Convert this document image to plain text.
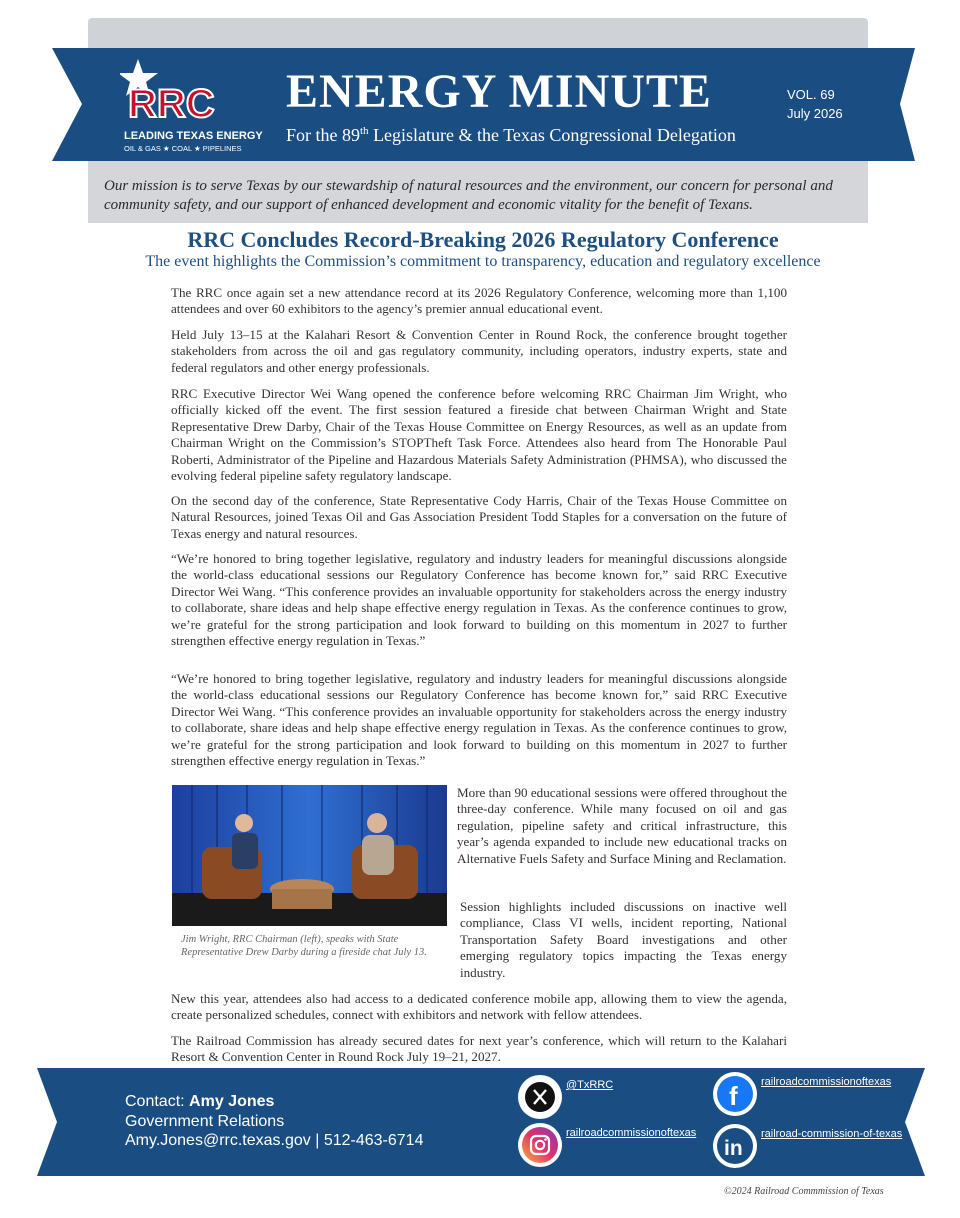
RRC
LEADING TEXAS ENERGY
OIL & GAS ★ COAL ★ PIPELINES
ENERGY MINUTE
For the 89th Legislature & the Texas Congressional Delegation
VOL. 69
July 2026

Our mission is to serve Texas by our stewardship of natural resources and the environment, our concern for personal and community safety, and our support of enhanced development and economic vitality for the benefit of Texans.

RRC Concludes Record-Breaking 2026 Regulatory Conference
The event highlights the Commission’s commitment to transparency, education and regulatory excellence

The RRC once again set a new attendance record at its 2026 Regulatory Conference, welcoming more than 1,100 attendees and over 60 exhibitors to the agency’s premier annual educational event.

Held July 13–15 at the Kalahari Resort & Convention Center in Round Rock, the conference brought together stakeholders from across the oil and gas regulatory community, including operators, industry experts, state and federal regulators and other energy professionals.

RRC Executive Director Wei Wang opened the conference before welcoming RRC Chairman Jim Wright, who officially kicked off the event. The first session featured a fireside chat between Chairman Wright and State Representative Drew Darby, Chair of the Texas House Committee on Energy Resources, as well as an update from Chairman Wright on the Commission’s STOPTheft Task Force. Attendees also heard from The Honorable Paul Roberti, Administrator of the Pipeline and Hazardous Materials Safety Administration (PHMSA), who discussed the evolving federal pipeline safety regulatory landscape.

On the second day of the conference, State Representative Cody Harris, Chair of the Texas House Committee on Natural Resources, joined Texas Oil and Gas Association President Todd Staples for a conversation on the future of Texas energy and natural resources.

“We’re honored to bring together legislative, regulatory and industry leaders for meaningful discussions alongside the world-class educational sessions our Regulatory Conference has become known for,” said RRC Executive Director Wei Wang. “This conference provides an invaluable opportunity for stakeholders across the energy industry to collaborate, share ideas and help shape effective energy regulation in Texas. As the conference continues to grow, we’re grateful for the strong participation and look forward to building on this momentum in 2027 to further strengthen effective energy regulation in Texas.”

“We’re honored to bring together legislative, regulatory and industry leaders for meaningful discussions alongside the world-class educational sessions our Regulatory Conference has become known for,” said RRC Executive Director Wei Wang. “This conference provides an invaluable opportunity for stakeholders across the energy industry to collaborate, share ideas and help shape effective energy regulation in Texas. As the conference continues to grow, we’re grateful for the strong participation and look forward to building on this momentum in 2027 to further strengthen effective energy regulation in Texas.”

Jim Wright, RRC Chairman (left), speaks with State Representative Drew Darby during a fireside chat July 13.

More than 90 educational sessions were offered throughout the three-day conference. While many focused on oil and gas regulation, pipeline safety and critical infrastructure, this year’s agenda expanded to include new educational tracks on Alternative Fuels Safety and Surface Mining and Reclamation.

Session highlights included discussions on inactive well compliance, Class VI wells, incident reporting, National Transportation Safety Board investigations and other emerging regulatory topics impacting the Texas energy industry.

New this year, attendees also had access to a dedicated conference mobile app, allowing them to view the agenda, create personalized schedules, connect with exhibitors and network with fellow attendees.

The Railroad Commission has already secured dates for next year’s conference, which will return to the Kalahari Resort & Convention Center in Round Rock July 19–21, 2027.

Contact: Amy Jones
Government Relations
Amy.Jones@rrc.texas.gov | 512-463-6714
@TxRRC	f railroadcommissionoftexas
railroadcommissionoftexas
in
railroad-commission-of-texas
©2024 Railroad Commmission of Texas
